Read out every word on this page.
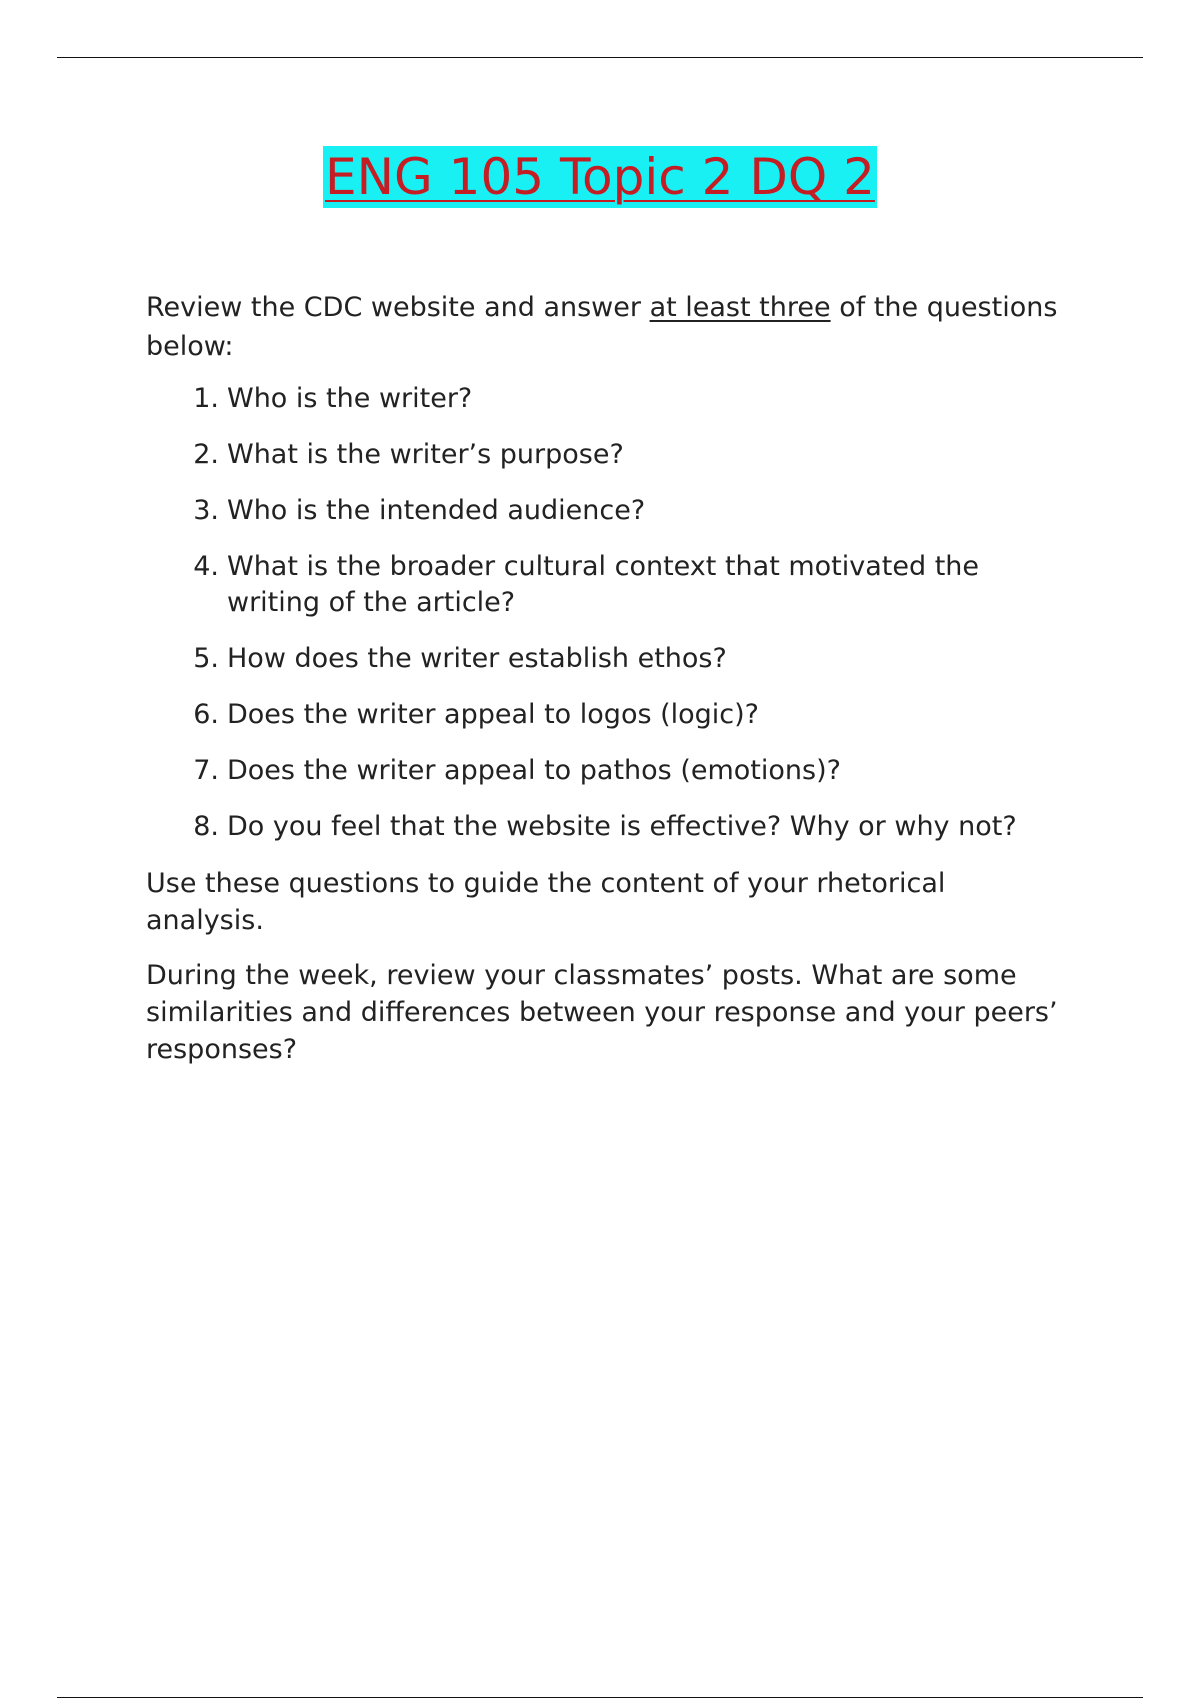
ENG 105 Topic 2 DQ 2

Review the CDC website and answer at least three of the questions below:

1. Who is the writer?
2. What is the writer’s purpose?
3. Who is the intended audience?
4. What is the broader cultural context that motivated the writing of the article?
5. How does the writer establish ethos?
6. Does the writer appeal to logos (logic)?
7. Does the writer appeal to pathos (emotions)?
8. Do you feel that the website is effective? Why or why not?

Use these questions to guide the content of your rhetorical analysis.

During the week, review your classmates’ posts. What are some similarities and differences between your response and your peers’ responses?
